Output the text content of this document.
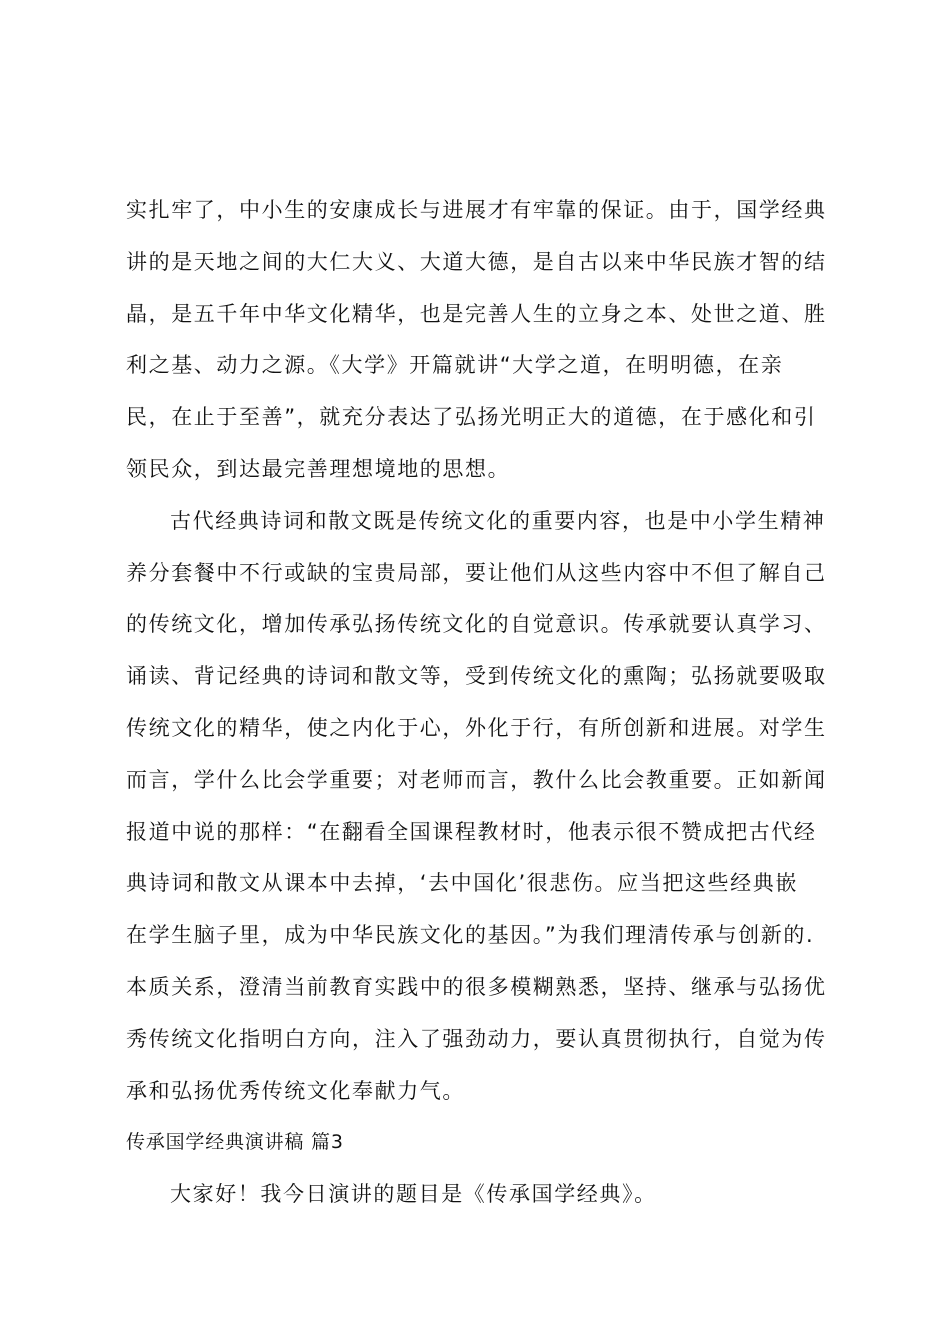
实扎牢了，中小生的安康成长与进展才有牢靠的保证。由于，国学经典
讲的是天地之间的大仁大义、大道大德，是自古以来中华民族才智的结
晶，是五千年中华文化精华，也是完善人生的立身之本、处世之道、胜
利之基、动力之源。《大学》开篇就讲“大学之道，在明明德，在亲
民，在止于至善”，就充分表达了弘扬光明正大的道德，在于感化和引
领民众，到达最完善理想境地的思想。
古代经典诗词和散文既是传统文化的重要内容，也是中小学生精神
养分套餐中不行或缺的宝贵局部，要让他们从这些内容中不但了解自己
的传统文化，增加传承弘扬传统文化的自觉意识。传承就要认真学习、
诵读、背记经典的诗词和散文等，受到传统文化的熏陶；弘扬就要吸取
传统文化的精华，使之内化于心，外化于行，有所创新和进展。对学生
而言，学什么比会学重要；对老师而言，教什么比会教重要。正如新闻
报道中说的那样：“在翻看全国课程教材时，他表示很不赞成把古代经
典诗词和散文从课本中去掉，‘去中国化’很悲伤。应当把这些经典嵌
在学生脑子里，成为中华民族文化的基因。”为我们理清传承与创新的.
本质关系，澄清当前教育实践中的很多模糊熟悉，坚持、继承与弘扬优
秀传统文化指明白方向，注入了强劲动力，要认真贯彻执行，自觉为传
承和弘扬优秀传统文化奉献力气。
传承国学经典演讲稿 篇3
大家好！我今日演讲的题目是《传承国学经典》。
